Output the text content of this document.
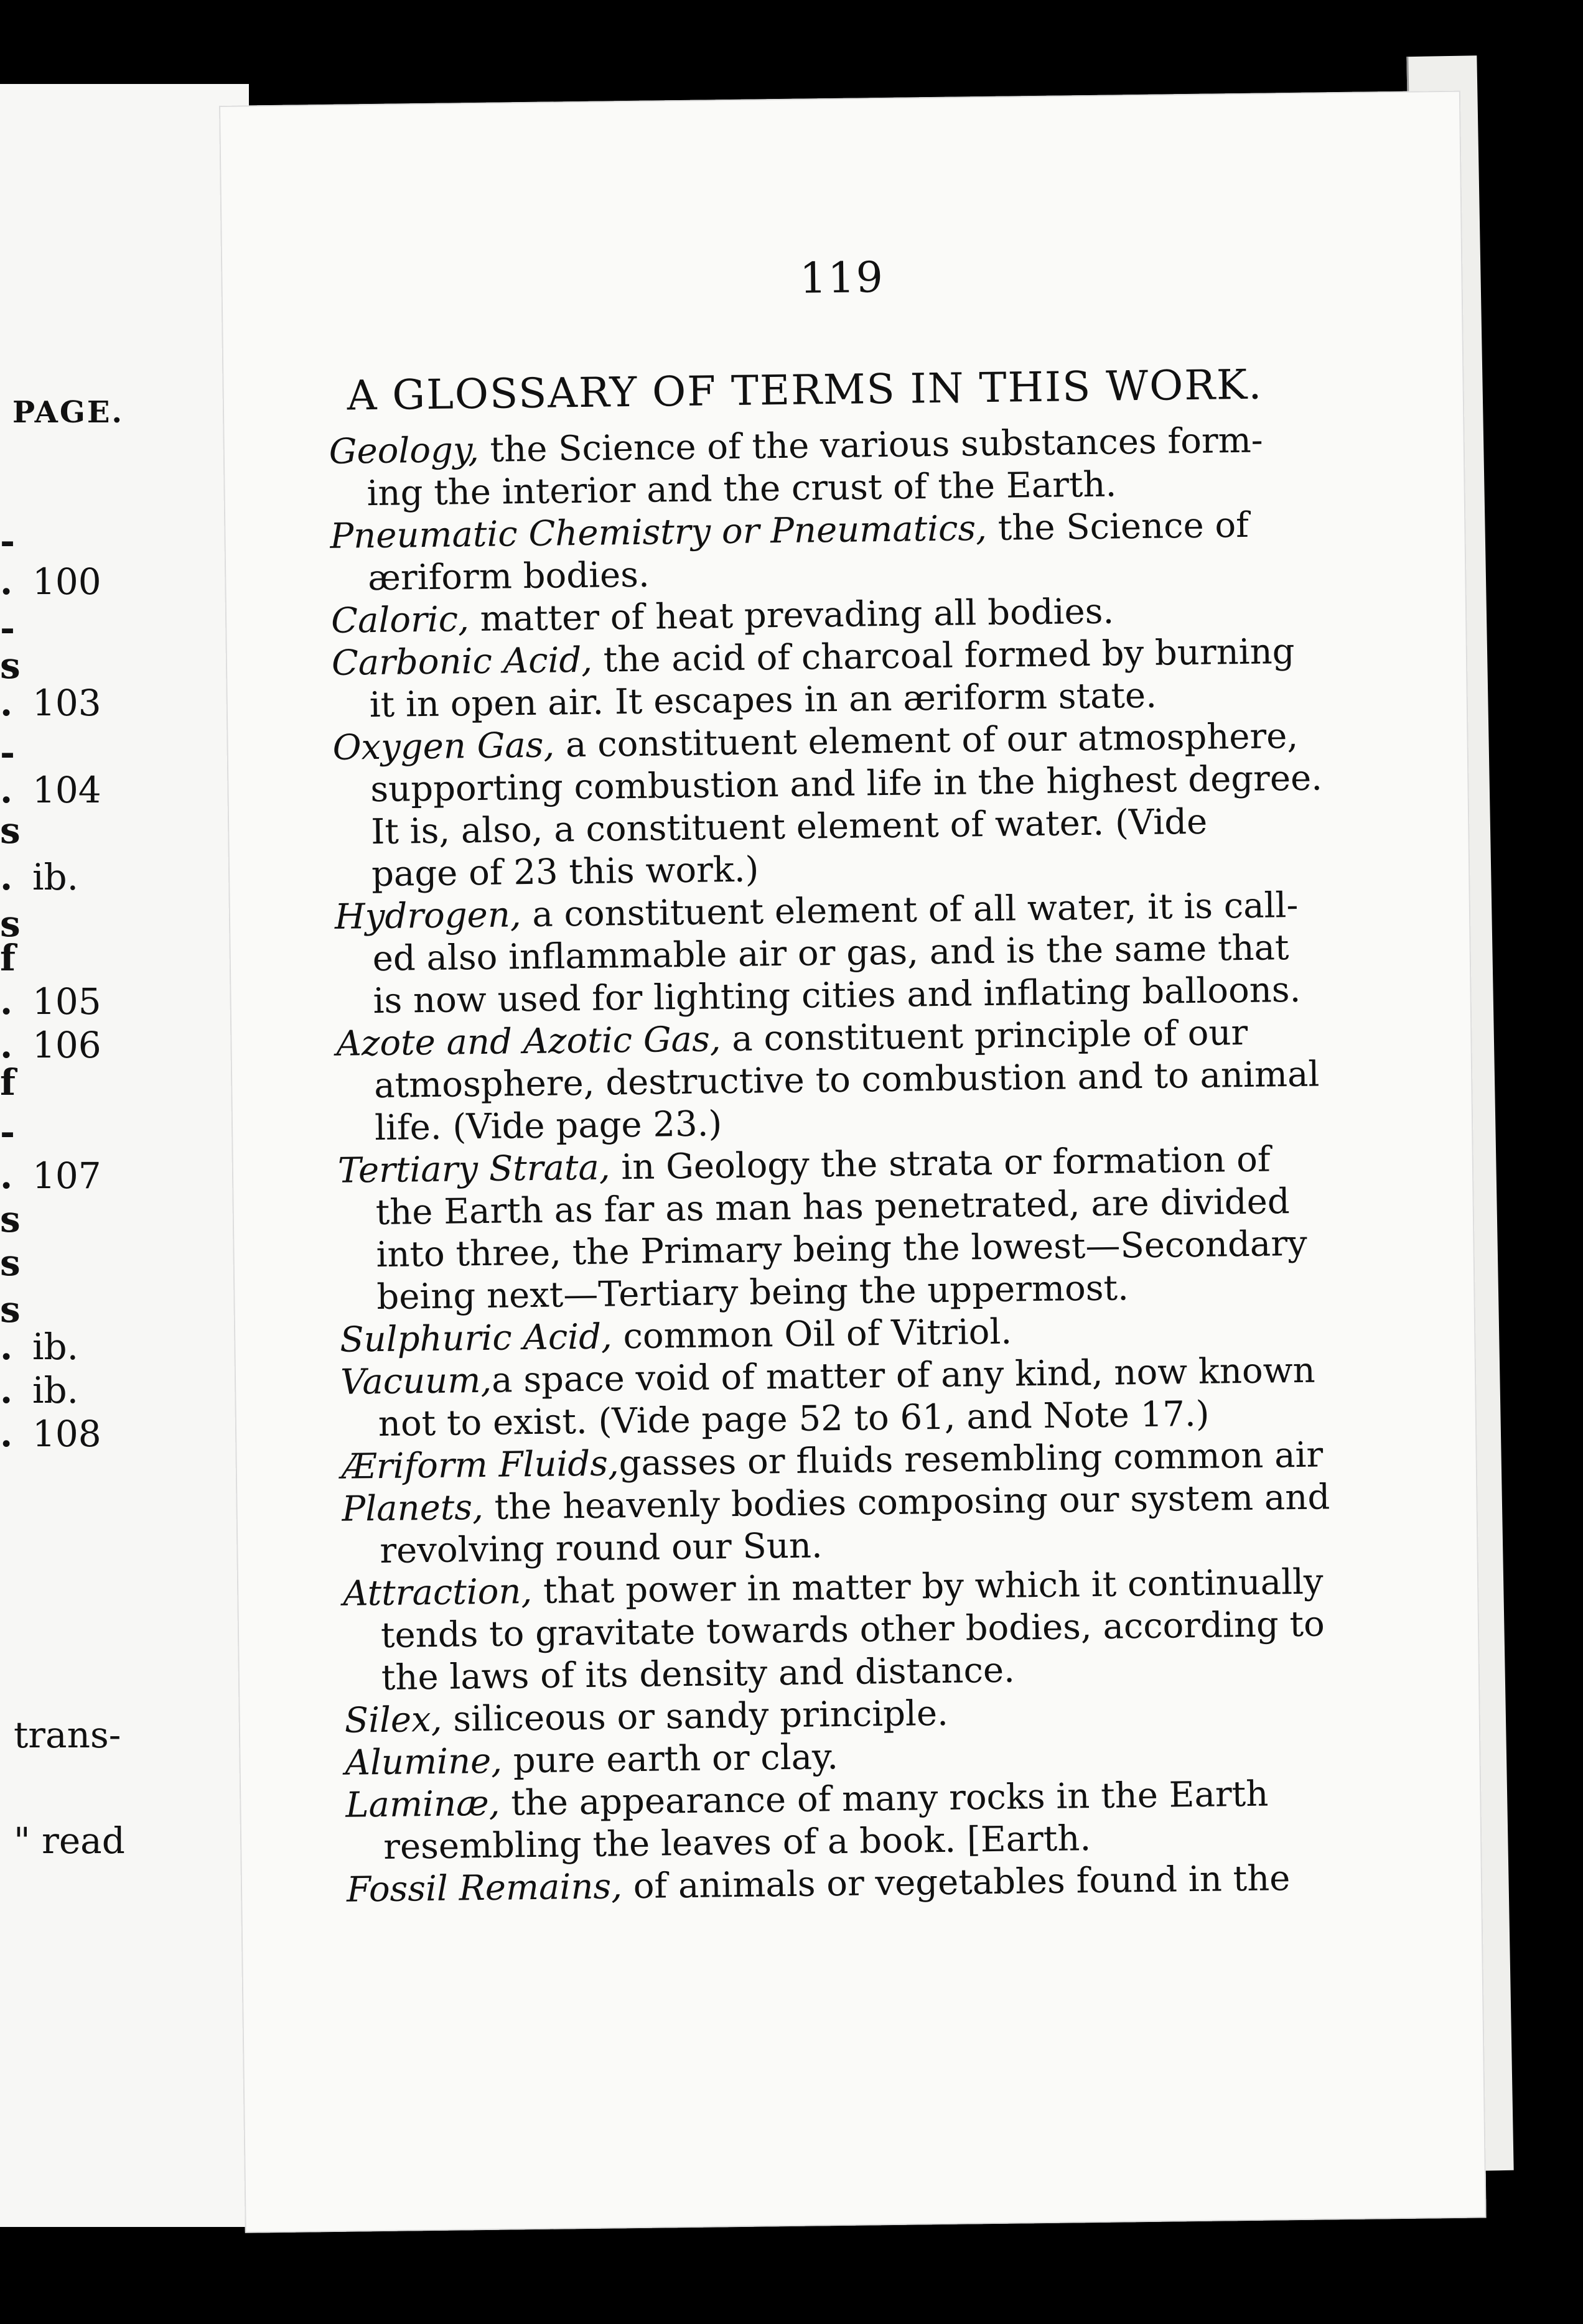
PAGE.
-
. 100
-
s
. 103
-
. 104
s
. ib.
s
f
. 105
. 106
f
-
. 107
s
s
s
. ib.
. ib.
. 108
trans-
" read
119
A GLOSSARY OF TERMS IN THIS WORK.
Geology, the Science of the various substances form-
ing the interior and the crust of the Earth.
Pneumatic Chemistry or Pneumatics, the Science of
æriform bodies.
Caloric, matter of heat prevading all bodies.
Carbonic Acid, the acid of charcoal formed by burning
it in open air. It escapes in an æriform state.
Oxygen Gas, a constituent element of our atmosphere,
supporting combustion and life in the highest degree.
It is, also, a constituent element of water. (Vide
page of 23 this work.)
Hydrogen, a constituent element of all water, it is call-
ed also inflammable air or gas, and is the same that
is now used for lighting cities and inflating balloons.
Azote and Azotic Gas, a constituent principle of our
atmosphere, destructive to combustion and to animal
life. (Vide page 23.)
Tertiary Strata, in Geology the strata or formation of
the Earth as far as man has penetrated, are divided
into three, the Primary being the lowest—Secondary
being next—Tertiary being the uppermost.
Sulphuric Acid, common Oil of Vitriol.
Vacuum,a space void of matter of any kind, now known
not to exist. (Vide page 52 to 61, and Note 17.)
Æriform Fluids,gasses or fluids resembling common air
Planets, the heavenly bodies composing our system and
revolving round our Sun.
Attraction, that power in matter by which it continually
tends to gravitate towards other bodies, according to
the laws of its density and distance.
Silex, siliceous or sandy principle.
Alumine, pure earth or clay.
Laminæ, the appearance of many rocks in the Earth
resembling the leaves of a book. [Earth.
Fossil Remains, of animals or vegetables found in the
